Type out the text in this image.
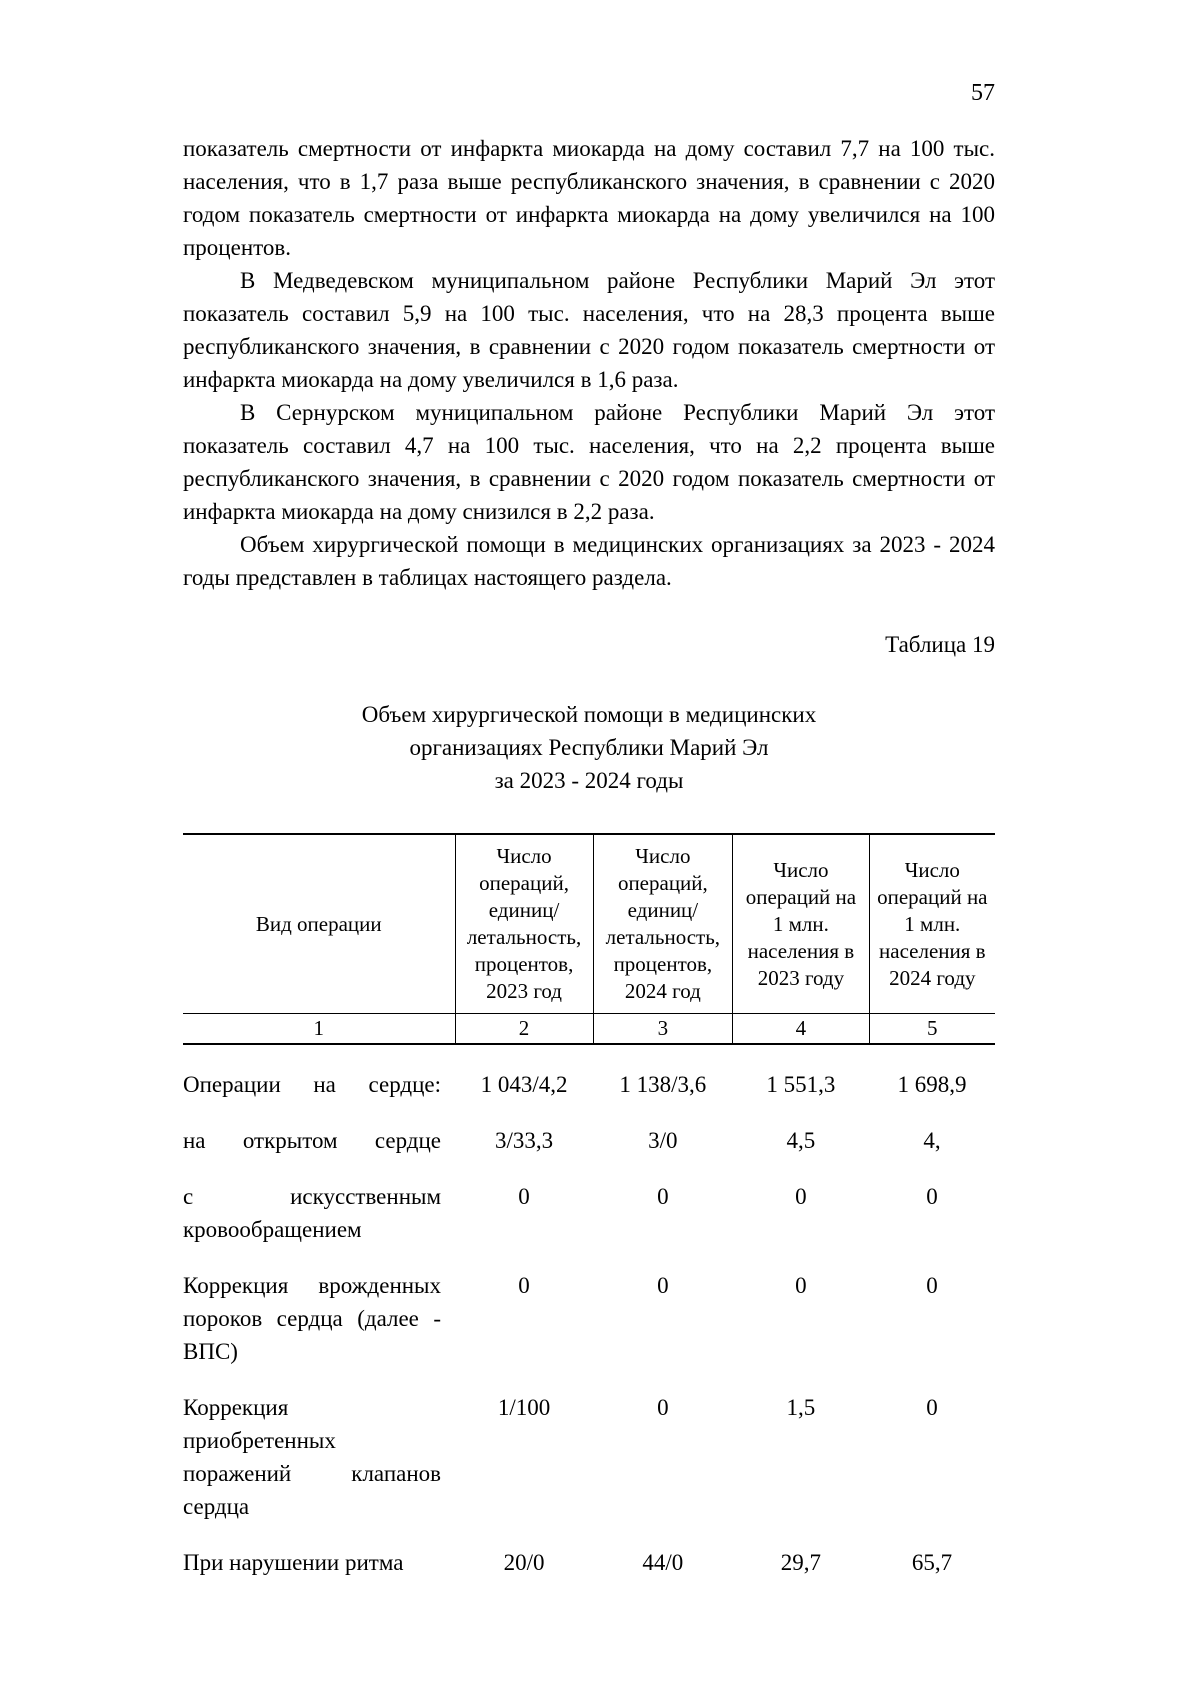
57

показатель смертности от инфаркта миокарда на дому составил 7,7 на 100 тыс. населения, что в 1,7 раза выше республиканского значения, в сравнении с 2020 годом показатель смертности от инфаркта миокарда на дому увеличился на 100 процентов.

В Медведевском муниципальном районе Республики Марий Эл этот показатель составил 5,9 на 100 тыс. населения, что на 28,3 процента выше республиканского значения, в сравнении с 2020 годом показатель смертности от инфаркта миокарда на дому увеличился в 1,6 раза.

В Сернурском муниципальном районе Республики Марий Эл этот показатель составил 4,7 на 100 тыс. населения, что на 2,2 процента выше республиканского значения, в сравнении с 2020 годом показатель смертности от инфаркта миокарда на дому снизился в 2,2 раза.

Объем хирургической помощи в медицинских организациях за 2023 - 2024 годы представлен в таблицах настоящего раздела.

Таблица 19
Объем хирургической помощи в медицинских
организациях Республики Марий Эл
за 2023 - 2024 годы
Вид операции	Число операций, единиц/ летальность, процентов, 2023 год	Число операций, единиц/ летальность, процентов, 2024 год	Число операций на 1 млн. населения в 2023 году	Число операций на 1 млн. населения в 2024 году
1	2	3	4	5
Операции на сердце:	1 043/4,2	1 138/3,6	1 551,3	1 698,9
на открытом сердце	3/33,3	3/0	4,5	4,
с искусственным кровообращением	0	0	0	0
Коррекция врожденных пороков сердца (далее - ВПС)	0	0	0	0
Коррекция приобретенных поражений клапанов сердца	1/100	0	1,5	0
При нарушении ритма	20/0	44/0	29,7	65,7
